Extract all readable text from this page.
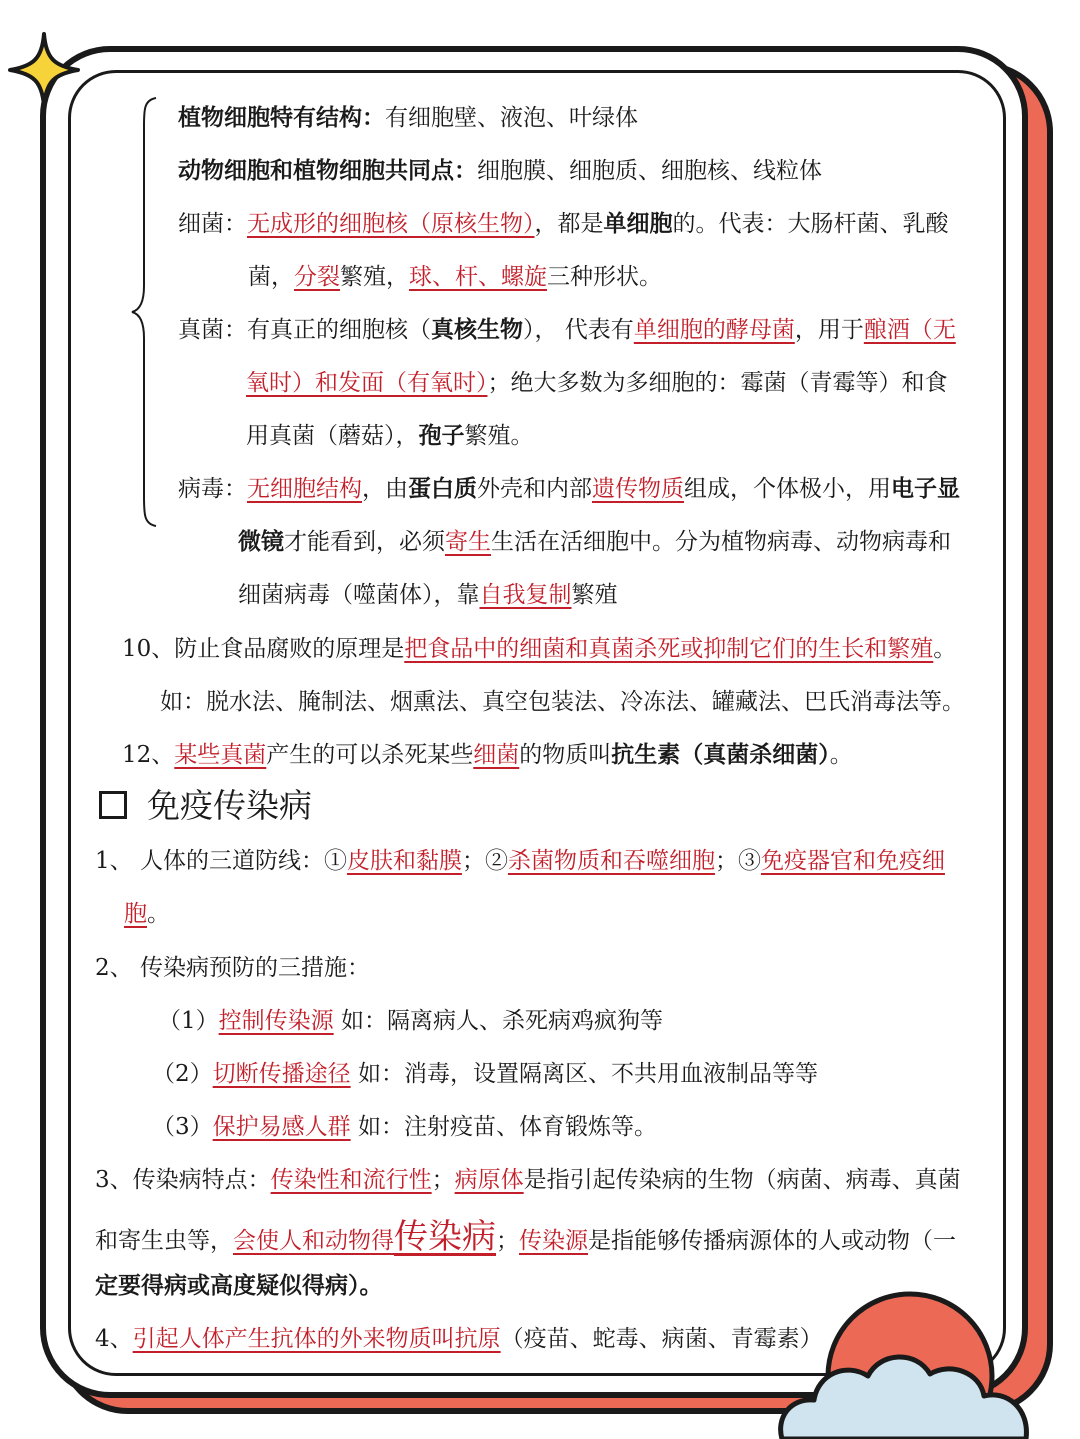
植物细胞特有结构：有细胞壁、液泡、叶绿体
动物细胞和植物细胞共同点：细胞膜、细胞质、细胞核、线粒体
细菌：无成形的细胞核（原核生物），都是单细胞的。代表：大肠杆菌、乳酸
菌，分裂繁殖，球、杆、螺旋三种形状。
真菌：有真正的细胞核（真核生物）， 代表有单细胞的酵母菌，用于酿酒（无
氧时）和发面（有氧时）；绝大多数为多细胞的：霉菌（青霉等）和食
用真菌（蘑菇），孢子繁殖。
病毒：无细胞结构，由蛋白质外壳和内部遗传物质组成，个体极小，用电子显
微镜才能看到，必须寄生生活在活细胞中。分为植物病毒、动物病毒和
细菌病毒（噬菌体），靠自我复制繁殖
10、防止食品腐败的原理是把食品中的细菌和真菌杀死或抑制它们的生长和繁殖。
如：脱水法、腌制法、烟熏法、真空包装法、冷冻法、罐藏法、巴氏消毒法等。
12、某些真菌产生的可以杀死某些细菌的物质叫抗生素（真菌杀细菌）。
免疫传染病
1、 人体的三道防线：①皮肤和黏膜；②杀菌物质和吞噬细胞；③免疫器官和免疫细
胞。
2、 传染病预防的三措施：
（1）控制传染源 如：隔离病人、杀死病鸡疯狗等
（2）切断传播途径 如：消毒，设置隔离区、不共用血液制品等等
（3）保护易感人群 如：注射疫苗、体育锻炼等。
3、传染病特点：传染性和流行性；病原体是指引起传染病的生物（病菌、病毒、真菌
和寄生虫等，会使人和动物得传染病；传染源是指能够传播病源体的人或动物（一
定要得病或高度疑似得病）。
4、引起人体产生抗体的外来物质叫抗原（疫苗、蛇毒、病菌、青霉素）
